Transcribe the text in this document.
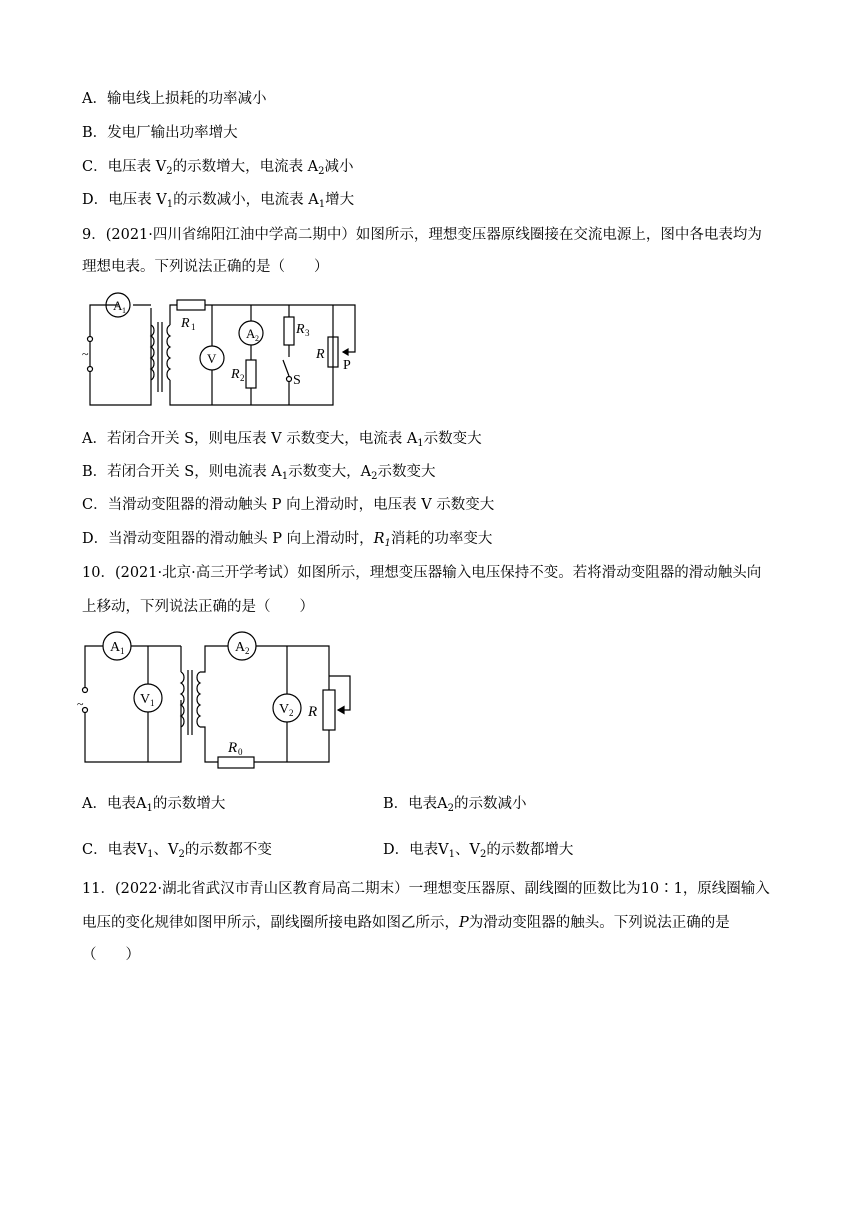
A．输电线上损耗的功率减小
B．发电厂输出功率增大
C．电压表 $V_2$的示数增大，电流表 $A_2$减小
D．电压表 $V_1$的示数减小，电流表 $A_1$增大
9．(2021·四川省绵阳江油中学高二期中）如图所示，理想变压器原线圈接在交流电源上，图中各电表均为
理想电表。下列说法正确的是（　　）
A 1
A 2
V
~
R 1
R 2
R 3
R
P
S
A．若闭合开关 S，则电压表 V 示数变大，电流表 $A_1$示数变大
B．若闭合开关 S，则电流表 $A_1$示数变大，$A_2$示数变大
C．当滑动变阻器的滑动触头 P 向上滑动时，电压表 V 示数变大
D．当滑动变阻器的滑动触头 P 向上滑动时，$R_1$消耗的功率变大
10．(2021·北京·高三开学考试）如图所示，理想变压器输入电压保持不变。若将滑动变阻器的滑动触头向
上移动，下列说法正确的是（　　）
A 1	A 2
V 1	V 2
~	R
R 0
A．电表$A_1$的示数增大	B．电表$A_2$的示数减小
C．电表$V_1$、$V_2$的示数都不变	D．电表$V_1$、$V_2$的示数都增大
11．(2022·湖北省武汉市青山区教育局高二期末）一理想变压器原、副线圈的匝数比为10∶1，原线圈输入
电压的变化规律如图甲所示，副线圈所接电路如图乙所示，P为滑动变阻器的触头。下列说法正确的是
（　　）
